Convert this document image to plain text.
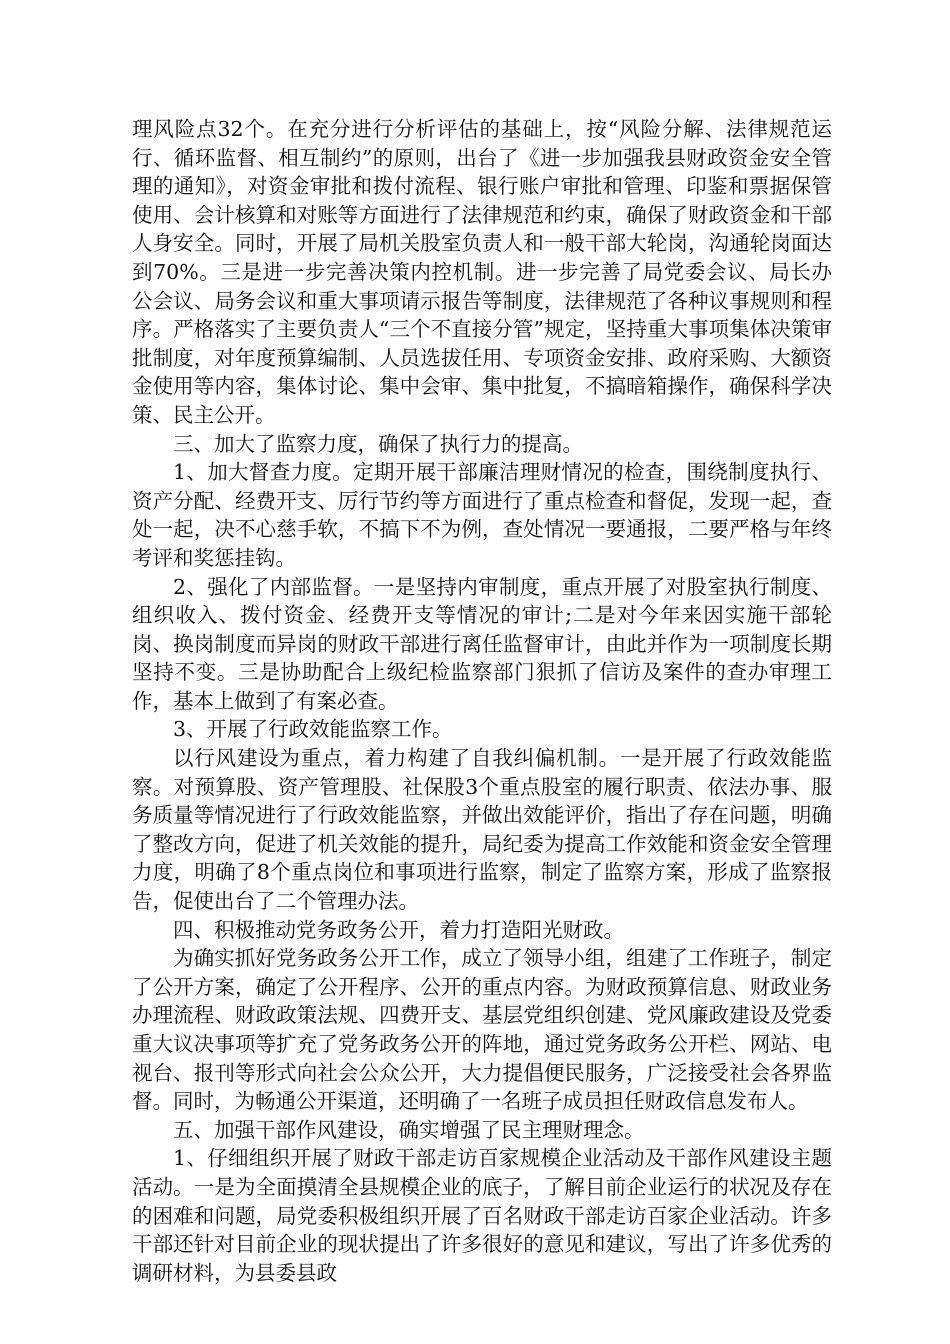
理风险点32个。在充分进行分析评估的基础上，按“风险分解、法律规范运行、循环监督、相互制约”的原则，出台了《进一步加强我县财政资金安全管理的通知》，对资金审批和拨付流程、银行账户审批和管理、印鉴和票据保管使用、会计核算和对账等方面进行了法律规范和约束，确保了财政资金和干部人身安全。同时，开展了局机关股室负责人和一般干部大轮岗，沟通轮岗面达到70%。三是进一步完善决策内控机制。进一步完善了局党委会议、局长办公会议、局务会议和重大事项请示报告等制度，法律规范了各种议事规则和程序。严格落实了主要负责人“三个不直接分管”规定，坚持重大事项集体决策审批制度，对年度预算编制、人员选拔任用、专项资金安排、政府采购、大额资金使用等内容，集体讨论、集中会审、集中批复，不搞暗箱操作，确保科学决策、民主公开。

三、加大了监察力度，确保了执行力的提高。

1、加大督查力度。定期开展干部廉洁理财情况的检查，围绕制度执行、资产分配、经费开支、厉行节约等方面进行了重点检查和督促，发现一起，查处一起，决不心慈手软，不搞下不为例，查处情况一要通报，二要严格与年终考评和奖惩挂钩。

2、强化了内部监督。一是坚持内审制度，重点开展了对股室执行制度、组织收入、拨付资金、经费开支等情况的审计;二是对今年来因实施干部轮岗、换岗制度而异岗的财政干部进行离任监督审计，由此并作为一项制度长期坚持不变。三是协助配合上级纪检监察部门狠抓了信访及案件的查办审理工作，基本上做到了有案必查。

3、开展了行政效能监察工作。

以行风建设为重点，着力构建了自我纠偏机制。一是开展了行政效能监察。对预算股、资产管理股、社保股3个重点股室的履行职责、依法办事、服务质量等情况进行了行政效能监察，并做出效能评价，指出了存在问题，明确了整改方向，促进了机关效能的提升，局纪委为提高工作效能和资金安全管理力度，明确了8个重点岗位和事项进行监察，制定了监察方案，形成了监察报告，促使出台了二个管理办法。

四、积极推动党务政务公开，着力打造阳光财政。

为确实抓好党务政务公开工作，成立了领导小组，组建了工作班子，制定了公开方案，确定了公开程序、公开的重点内容。为财政预算信息、财政业务办理流程、财政政策法规、四费开支、基层党组织创建、党风廉政建设及党委重大议决事项等扩充了党务政务公开的阵地，通过党务政务公开栏、网站、电视台、报刊等形式向社会公众公开，大力提倡便民服务，广泛接受社会各界监督。同时，为畅通公开渠道，还明确了一名班子成员担任财政信息发布人。

五、加强干部作风建设，确实增强了民主理财理念。

1、仔细组织开展了财政干部走访百家规模企业活动及干部作风建设主题活动。一是为全面摸清全县规模企业的底子，了解目前企业运行的状况及存在的困难和问题，局党委积极组织开展了百名财政干部走访百家企业活动。许多干部还针对目前企业的现状提出了许多很好的意见和建议，写出了许多优秀的调研材料，为县委县政
